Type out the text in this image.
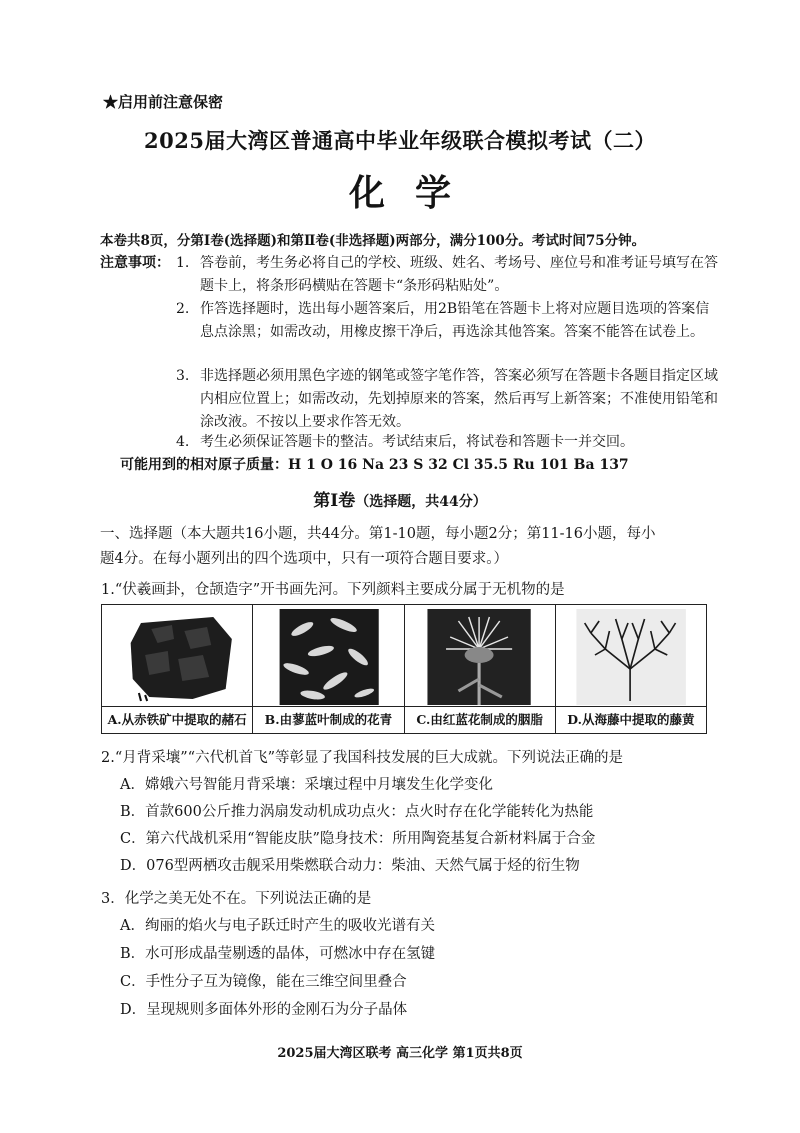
★启用前注意保密
2025届大湾区普通高中毕业年级联合模拟考试（二）
化学
本卷共8页，分第Ⅰ卷(选择题)和第Ⅱ卷(非选择题)两部分，满分100分。考试时间75分钟。
注意事项： 1. 答卷前，考生务必将自己的学校、班级、姓名、考场号、座位号和准考证号填写在答题卡上，将条形码横贴在答题卡“条形码粘贴处”。
2. 作答选择题时，选出每小题答案后，用2B铅笔在答题卡上将对应题目选项的答案信息点涂黑；如需改动，用橡皮擦干净后，再选涂其他答案。答案不能答在试卷上。
3. 非选择题必须用黑色字迹的钢笔或签字笔作答，答案必须写在答题卡各题目指定区域内相应位置上；如需改动，先划掉原来的答案，然后再写上新答案；不准使用铅笔和涂改液。不按以上要求作答无效。
4. 考生必须保证答题卡的整洁。考试结束后，将试卷和答题卡一并交回。
可能用到的相对原子质量：H 1 O 16 Na 23 S 32 Cl 35.5 Ru 101 Ba 137
第Ⅰ卷（选择题，共44分）
一、选择题（本大题共16小题，共44分。第1-10题，每小题2分；第11-16小题，每小
题4分。在每小题列出的四个选项中，只有一项符合题目要求。）
1.“伏羲画卦，仓颉造字”开书画先河。下列颜料主要成分属于无机物的是
A.从赤铁矿中提取的赭石	B.由蓼蓝叶制成的花青	C.由红蓝花制成的胭脂	D.从海藤中提取的藤黄
2.“月背采壤”“六代机首飞”等彰显了我国科技发展的巨大成就。下列说法正确的是
A．嫦娥六号智能月背采壤：采壤过程中月壤发生化学变化
B．首款600公斤推力涡扇发动机成功点火：点火时存在化学能转化为热能
C．第六代战机采用“智能皮肤”隐身技术：所用陶瓷基复合新材料属于合金
D．076型两栖攻击舰采用柴燃联合动力：柴油、天然气属于烃的衍生物
3．化学之美无处不在。下列说法正确的是
A．绚丽的焰火与电子跃迁时产生的吸收光谱有关
B．水可形成晶莹剔透的晶体，可燃冰中存在氢键
C．手性分子互为镜像，能在三维空间里叠合
D．呈现规则多面体外形的金刚石为分子晶体
2025届大湾区联考 高三化学 第1页共8页
